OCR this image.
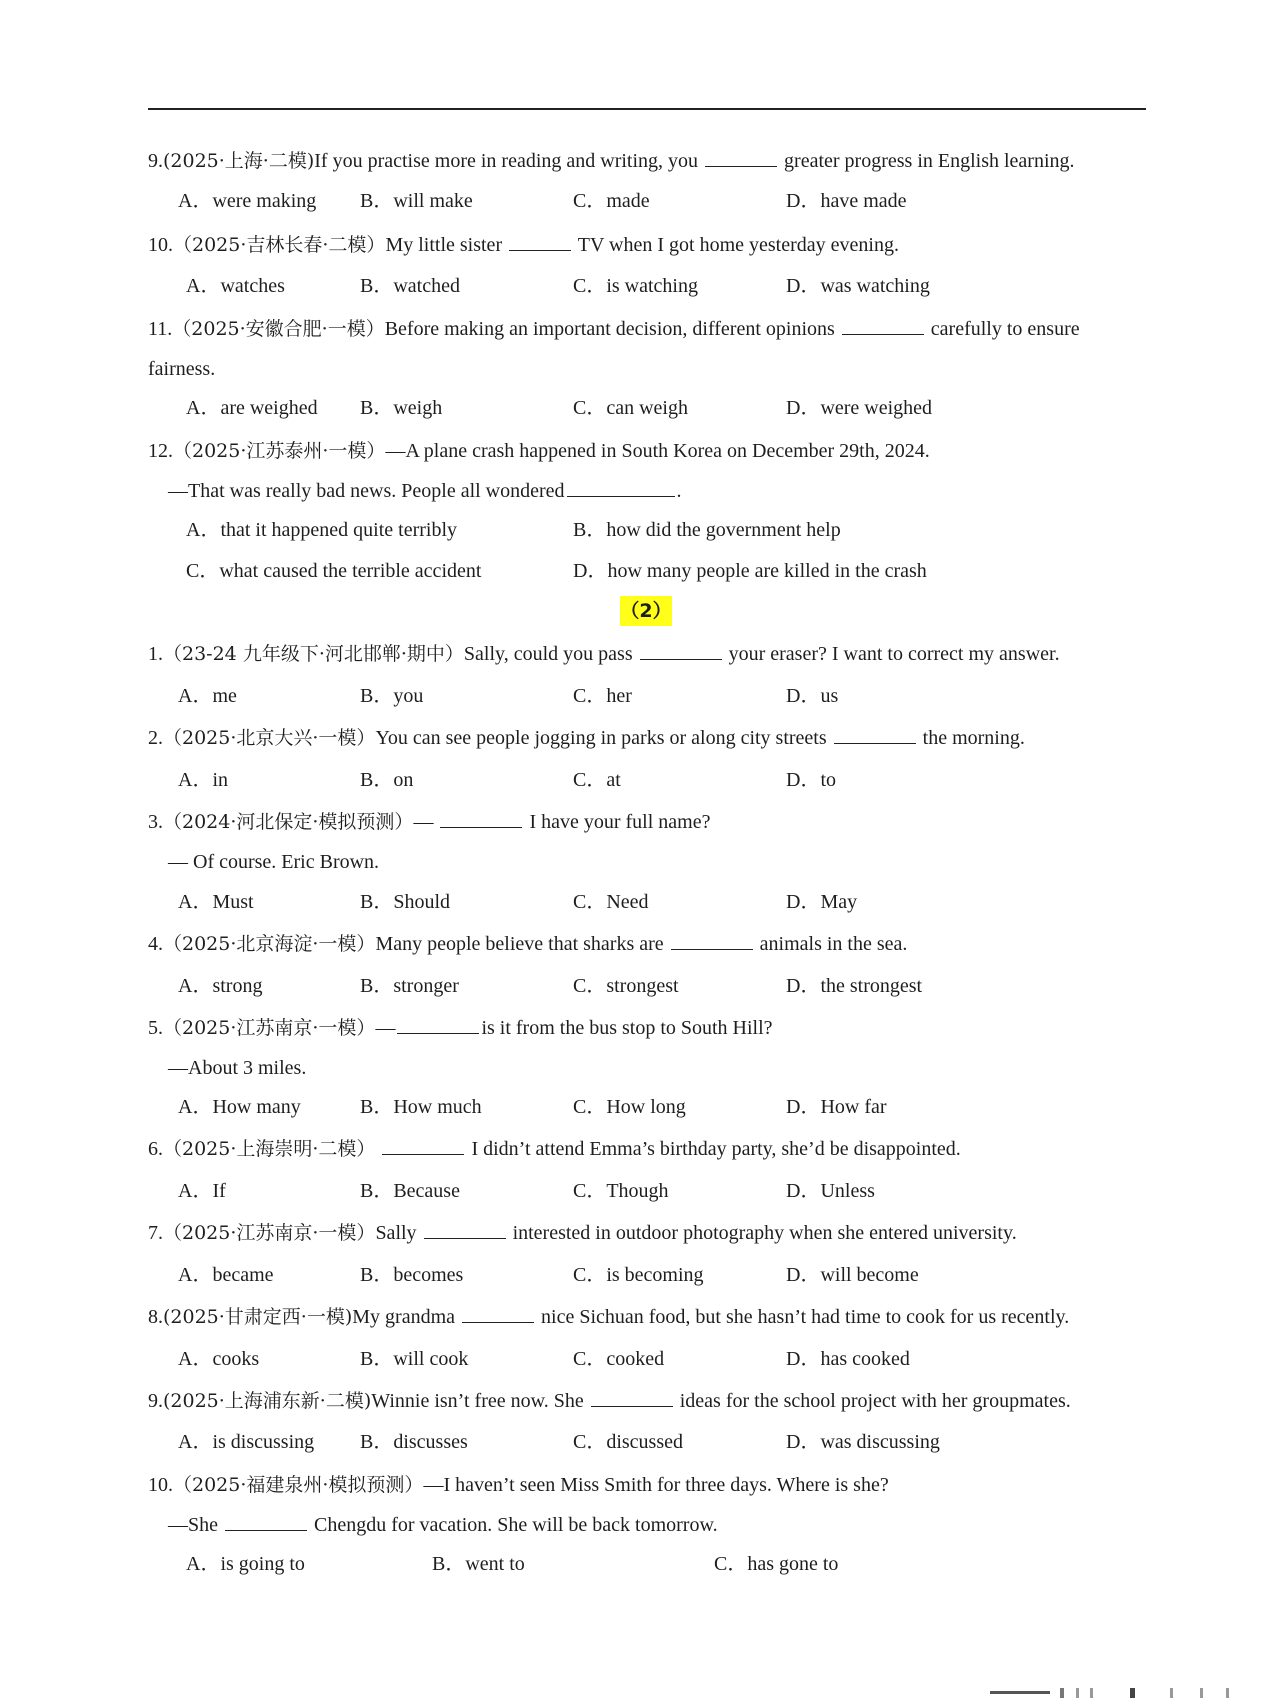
9.(2025·上海·二模)If you practise more in reading and writing, you	greater progress in English learning.
A．were making B．will make	C．made	D．have made
10.（2025·吉林长春·二模）My little sister	TV when I got home yesterday evening.
A．watches	B．watched	C．is watching	D．was watching
11.（2025·安徽合肥·一模）Before making an important decision, different opinions	carefully to ensure
fairness.
A．are weighed B．weigh	C．can weigh	D．were weighed
12.（2025·江苏泰州·一模）—A plane crash happened in South Korea on December 29th, 2024.
—That was really bad news. People all wondered	.
A．that it happened quite terribly	B．how did the government help
C．what caused the terrible accident	D．how many people are killed in the crash
（2）
1.（23-24 九年级下·河北邯郸·期中）Sally, could you pass	your eraser? I want to correct my answer.
A．me	B．you	C．her	D．us
2.（2025·北京大兴·一模）You can see people jogging in parks or along city streets	the morning.
A．in	B．on	C．at	D．to
3.（2024·河北保定·模拟预测）—	I have your full name?
— Of course. Eric Brown.
A．Must	B．Should	C．Need	D．May
4.（2025·北京海淀·一模）Many people believe that sharks are	animals in the sea.
A．strong	B．stronger	C．strongest	D．the strongest
5.（2025·江苏南京·一模）—	is it from the bus stop to South Hill?
—About 3 miles.
A．How many	B．How much	C．How long	D．How far
6.（2025·上海崇明·二模）	I didn’t attend Emma’s birthday party, she’d be disappointed.
A．If	B．Because	C．Though	D．Unless
7.（2025·江苏南京·一模）Sally	interested in outdoor photography when she entered university.
A．became	B．becomes	C．is becoming	D．will become
8.(2025·甘肃定西·一模)My grandma	nice Sichuan food, but she hasn’t had time to cook for us recently.
A．cooks	B．will cook	C．cooked	D．has cooked
9.(2025·上海浦东新·二模)Winnie isn’t free now. She	ideas for the school project with her groupmates.
A．is discussing B．discusses	C．discussed	D．was discussing
10.（2025·福建泉州·模拟预测）—I haven’t seen Miss Smith for three days. Where is she?
—She	Chengdu for vacation. She will be back tomorrow.
A．is going to	B．went to	C．has gone to
